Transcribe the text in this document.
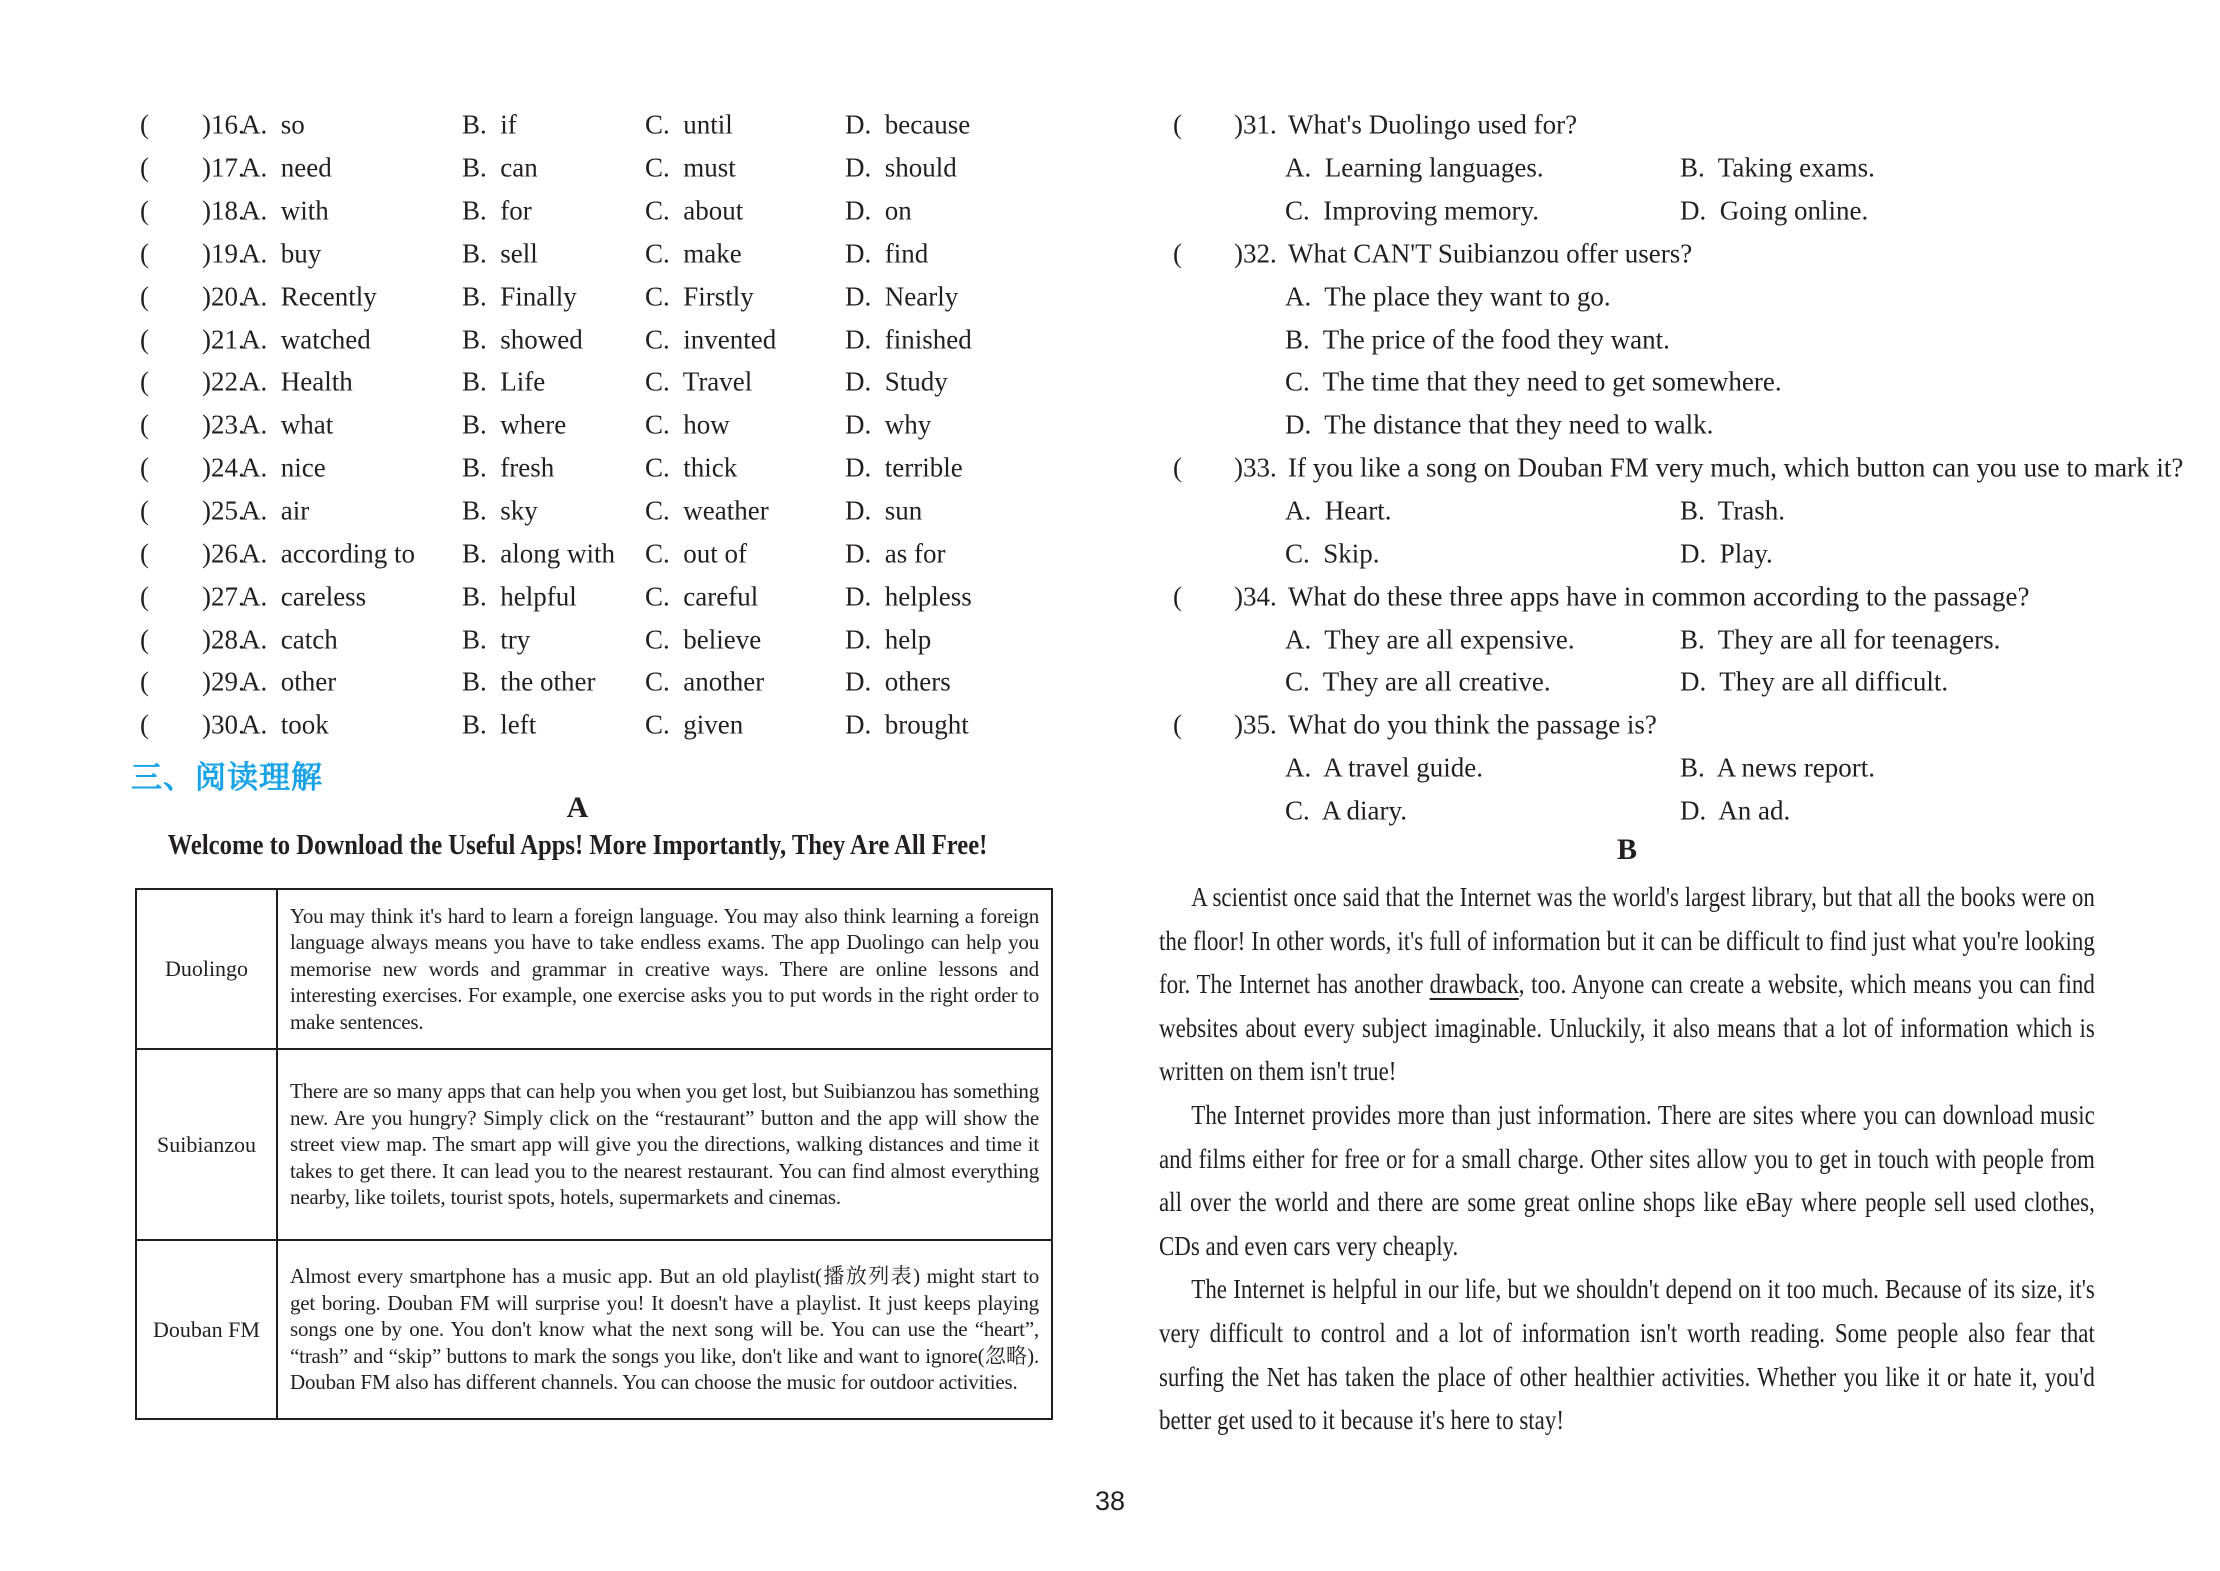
( )16.
A.  so	B.  if	C.  until	D.  because
( )17.
A.  need	B.  can	C.  must	D.  should
( )18.
A.  with	B.  for	C.  about	D.  on
( )19.
A.  buy	B.  sell	C.  make	D.  find
( )20.
A.  Recently	B.  Finally	C.  Firstly	D.  Nearly
( )21.
A.  watched	B.  showed C.  invented	D.  finished
( )22.
A.  Health	B.  Life	C.  Travel	D.  Study
( )23.
A.  what	B.  where	C.  how	D.  why
( )24.
A.  nice	B.  fresh	C.  thick	D.  terrible
( )25.
A.  air	B.  sky	C.  weather	D.  sun
( )26.
A.  according to B.  along with C.  out of	D.  as for
( )27.
A.  careless	B.  helpful	C.  careful	D.  helpless
( )28.
A.  catch	B.  try	C.  believe	D.  help
( )29.
A.  other	B.  the other C.  another	D.  others
( )30.
A.  took	B.  left	C.  given	D.  brought
三、阅读理解
A
Welcome to Download the Useful Apps! More Importantly, They Are All Free!
Duolingo	You may think it's hard to learn a foreign language. You may also think learning a foreign language always means you have to take endless exams. The app Duolingo can help you memorise new words and grammar in creative ways. There are online lessons and interesting exercises. For example, one exercise asks you to put words in the right order to make sentences.
Suibianzou	There are so many apps that can help you when you get lost, but Suibianzou has something new. Are you hungry? Simply click on the “restaurant” button and the app will show the street view map. The smart app will give you the directions, walking distances and time it takes to get there. It can lead you to the nearest restaurant. You can find almost everything nearby, like toilets, tourist spots, hotels, supermarkets and cinemas.
Douban FM	Almost every smartphone has a music app. But an old playlist(播放列表) might start to get boring. Douban FM will surprise you! It doesn't have a playlist. It just keeps playing songs one by one. You don't know what the next song will be. You can use the “heart”, “trash” and “skip” buttons to mark the songs you like, don't like and want to ignore(忽略). Douban FM also has different channels. You can choose the music for outdoor activities.
( )31. What's Duolingo used for?
A.  Learning languages.	B.  Taking exams.
C.  Improving memory.	D.  Going online.
( )32. What CAN'T Suibianzou offer users?
A.  The place they want to go.
B.  The price of the food they want.
C.  The time that they need to get somewhere.
D.  The distance that they need to walk.
( )33. If you like a song on Douban FM very much, which button can you use to mark it?
A.  Heart.	B.  Trash.
C.  Skip.	D.  Play.
( )34. What do these three apps have in common according to the passage?
A.  They are all expensive.	B.  They are all for teenagers.
C.  They are all creative.	D.  They are all difficult.
( )35. What do you think the passage is?
A.  A travel guide.	B.  A news report.
C.  A diary.	D.  An ad.
B

A scientist once said that the Internet was the world's largest library, but that all the books were on the floor! In other words, it's full of information but it can be difficult to find just what you're looking for. The Internet has another drawback, too. Anyone can create a website, which means you can find websites about every subject imaginable. Unluckily, it also means that a lot of information which is written on them isn't true!

The Internet provides more than just information. There are sites where you can download music and films either for free or for a small charge. Other sites allow you to get in touch with people from all over the world and there are some great online shops like eBay where people sell used clothes, CDs and even cars very cheaply.

The Internet is helpful in our life, but we shouldn't depend on it too much. Because of its size, it's very difficult to control and a lot of information isn't worth reading. Some people also fear that surfing the Net has taken the place of other healthier activities. Whether you like it or hate it, you'd better get used to it because it's here to stay!

38
